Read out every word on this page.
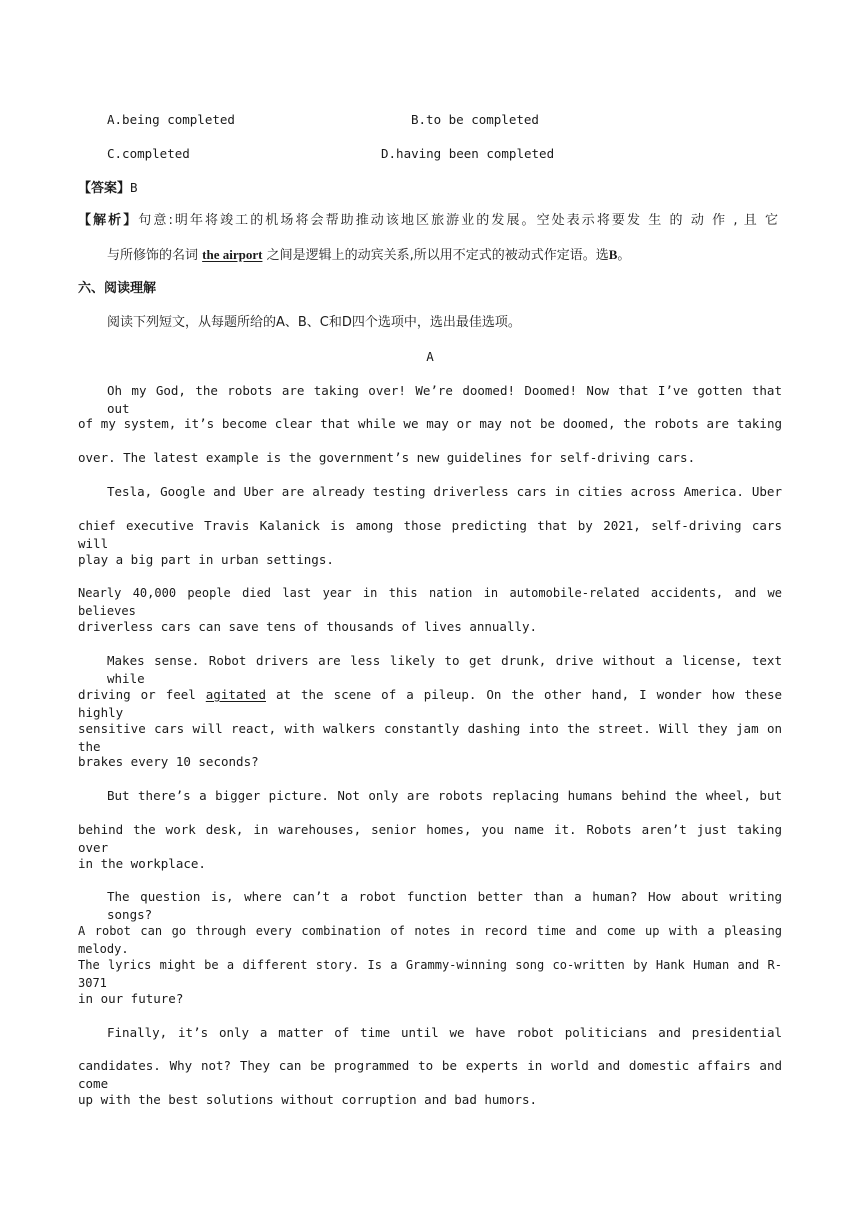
A.being completed	B.to be completed
C.completed	D.having been completed
【答案】B
【解析】句意:明年将竣工的机场将会帮助推动该地区旅游业的发展。空处表示将要发 生 的 动 作 , 且 它
与所修饰的名词 the airport 之间是逻辑上的动宾关系,所以用不定式的被动式作定语。选B。
六、阅读理解
阅读下列短文，从每题所给的A、B、C和D四个选项中，选出最佳选项。
A
Oh my God, the robots are taking over! We’re doomed! Doomed! Now that I’ve gotten that out
of my system, it’s become clear that while we may or may not be doomed, the robots are taking
over. The latest example is the government’s new guidelines for self-driving cars.
Tesla, Google and Uber are already testing driverless cars in cities across America. Uber
chief executive Travis Kalanick is among those predicting that by 2021, self-driving cars will
play a big part in urban settings.
Nearly 40,000 people died last year in this nation in automobile-related accidents, and we believes
driverless cars can save tens of thousands of lives annually.
Makes sense. Robot drivers are less likely to get drunk, drive without a license, text while
driving or feel agitated at the scene of a pileup. On the other hand, I wonder how these highly
sensitive cars will react, with walkers constantly dashing into the street. Will they jam on the
brakes every 10 seconds?
But there’s a bigger picture. Not only are robots replacing humans behind the wheel, but
behind the work desk, in warehouses, senior homes, you name it. Robots aren’t just taking over
in the workplace.
The question is, where can’t a robot function better than a human? How about writing songs?
A robot can go through every combination of notes in record time and come up with a pleasing melody.
The lyrics might be a different story. Is a Grammy-winning song co-written by Hank Human and R-3071
in our future?
Finally, it’s only a matter of time until we have robot politicians and presidential
candidates. Why not? They can be programmed to be experts in world and domestic affairs and come
up with the best solutions without corruption and bad humors.
